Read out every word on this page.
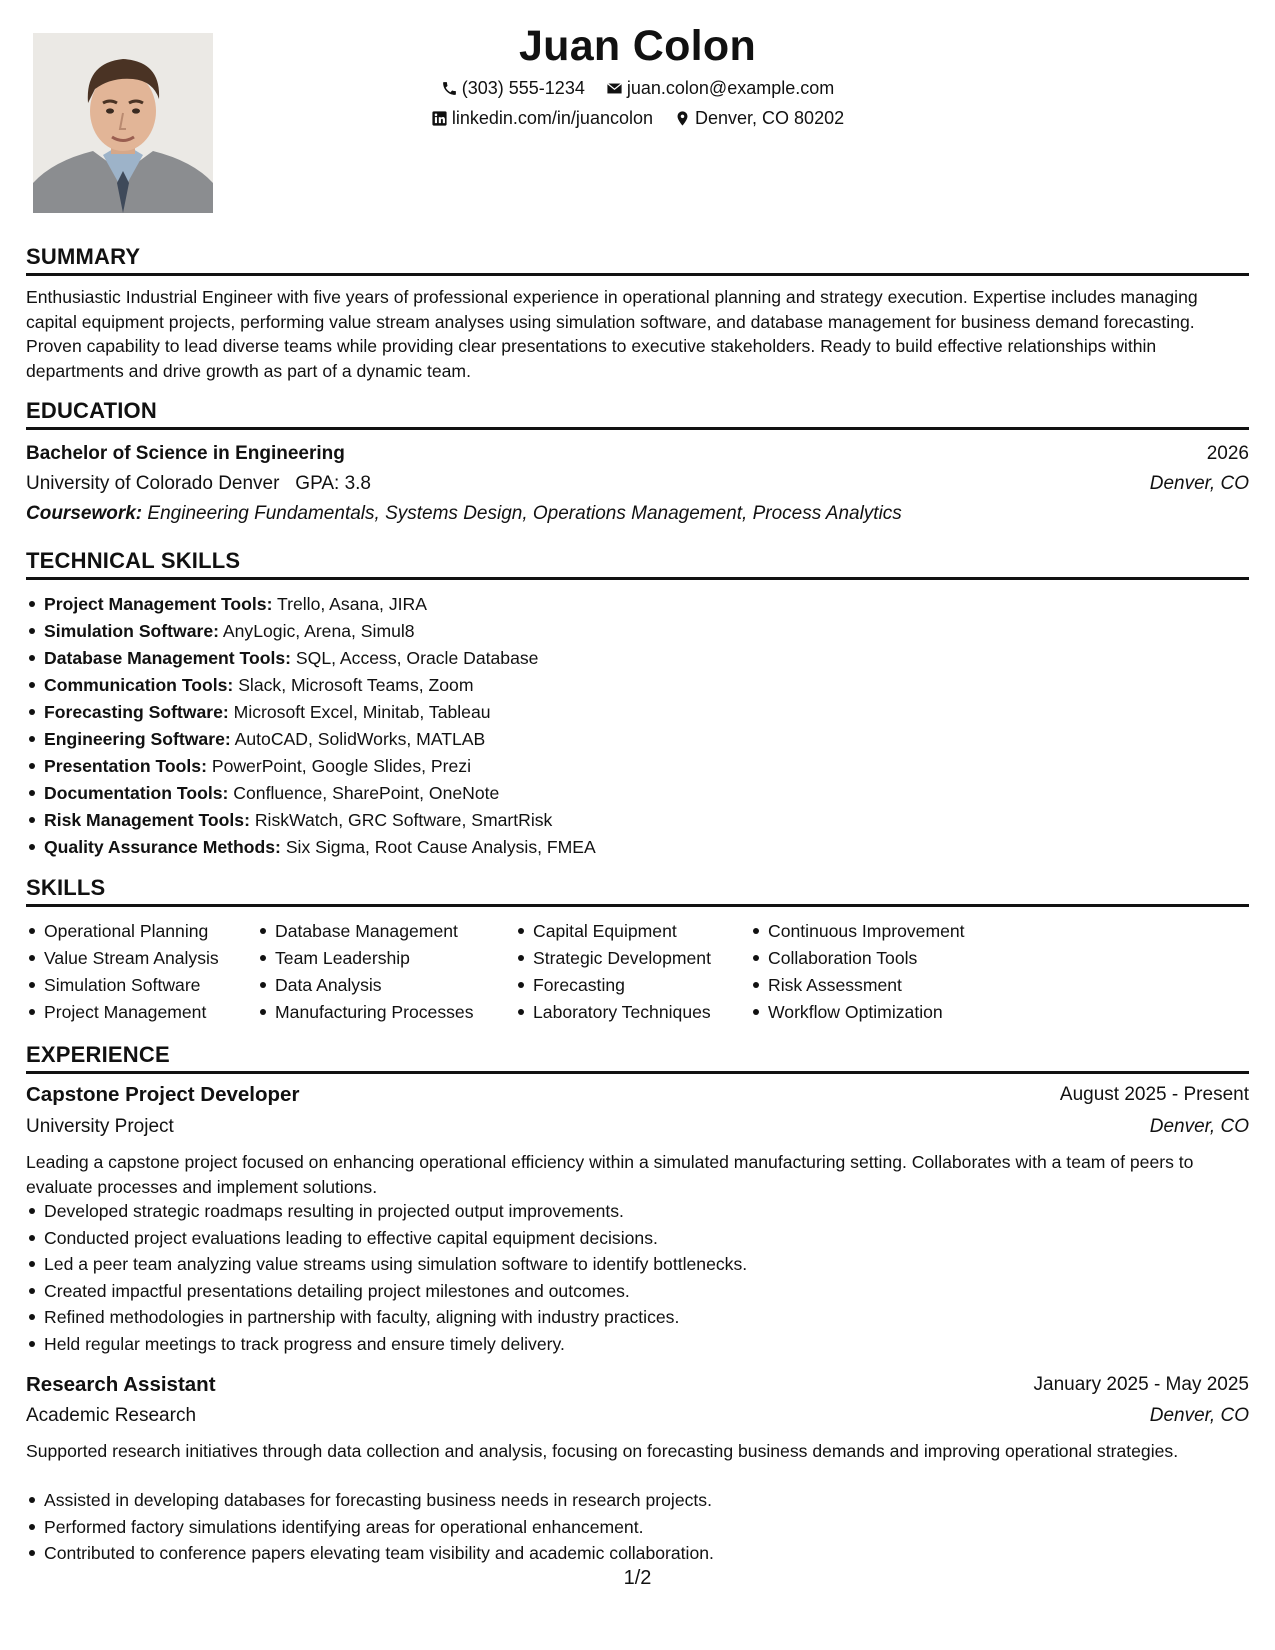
Juan Colon
(303) 555-1234
juan.colon@example.com
linkedin.com/in/juancolon
Denver, CO 80202
SUMMARY
Enthusiastic Industrial Engineer with five years of professional experience in operational planning and strategy execution. Expertise includes managing capital equipment projects, performing value stream analyses using simulation software, and database management for business demand forecasting. Proven capability to lead diverse teams while providing clear presentations to executive stakeholders. Ready to build effective relationships within departments and drive growth as part of a dynamic team.
EDUCATION
Bachelor of Science in Engineering	2026
University of Colorado Denver GPA: 3.8	Denver, CO
Coursework: Engineering Fundamentals, Systems Design, Operations Management, Process Analytics
TECHNICAL SKILLS
Project Management Tools: Trello, Asana, JIRA
Simulation Software: AnyLogic, Arena, Simul8
Database Management Tools: SQL, Access, Oracle Database
Communication Tools: Slack, Microsoft Teams, Zoom
Forecasting Software: Microsoft Excel, Minitab, Tableau
Engineering Software: AutoCAD, SolidWorks, MATLAB
Presentation Tools: PowerPoint, Google Slides, Prezi
Documentation Tools: Confluence, SharePoint, OneNote
Risk Management Tools: RiskWatch, GRC Software, SmartRisk
Quality Assurance Methods: Six Sigma, Root Cause Analysis, FMEA
SKILLS
Operational Planning
Value Stream Analysis
Simulation Software
Project Management
Database Management
Team Leadership
Data Analysis
Manufacturing Processes
Capital Equipment
Strategic Development
Forecasting
Laboratory Techniques
Continuous Improvement
Collaboration Tools
Risk Assessment
Workflow Optimization
EXPERIENCE
Capstone Project Developer	August 2025 - Present
University Project	Denver, CO
Leading a capstone project focused on enhancing operational efficiency within a simulated manufacturing setting. Collaborates with a team of peers to evaluate processes and implement solutions.
Developed strategic roadmaps resulting in projected output improvements.
Conducted project evaluations leading to effective capital equipment decisions.
Led a peer team analyzing value streams using simulation software to identify bottlenecks.
Created impactful presentations detailing project milestones and outcomes.
Refined methodologies in partnership with faculty, aligning with industry practices.
Held regular meetings to track progress and ensure timely delivery.
Research Assistant	January 2025 - May 2025
Academic Research	Denver, CO
Supported research initiatives through data collection and analysis, focusing on forecasting business demands and improving operational strategies.
Assisted in developing databases for forecasting business needs in research projects.
Performed factory simulations identifying areas for operational enhancement.
Contributed to conference papers elevating team visibility and academic collaboration.
1/2
